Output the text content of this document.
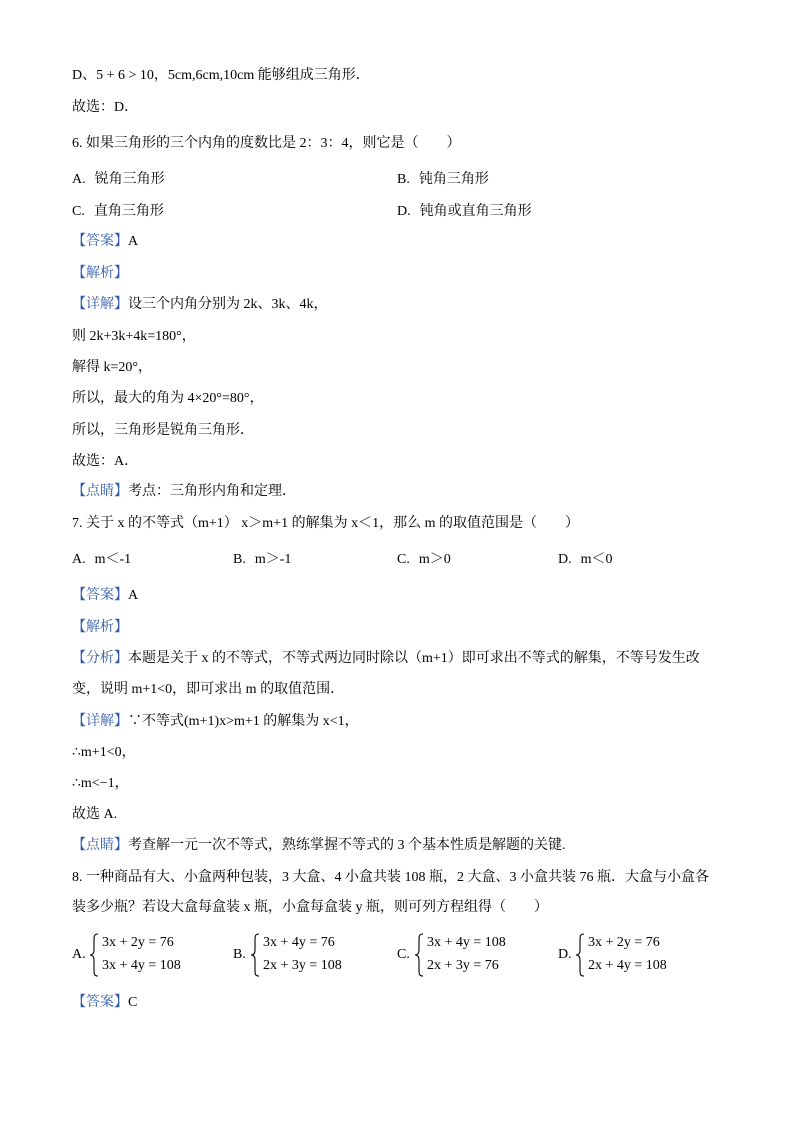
D、5 + 6 > 10，5cm,6cm,10cm 能够组成三角形．
故选：D．
6. 如果三角形的三个内角的度数比是 2：3：4，则它是（　　）
A. 锐角三角形	B. 钝角三角形
C. 直角三角形	D. 钝角或直角三角形
【答案】A
【解析】
【详解】设三个内角分别为 2k、3k、4k，
则 2k+3k+4k=180°，
解得 k=20°，
所以，最大的角为 4×20°=80°，
所以，三角形是锐角三角形．
故选：A．
【点睛】考点：三角形内角和定理．
7. 关于 x 的不等式（m+1） x＞m+1 的解集为 x＜1，那么 m 的取值范围是（　　）
A. m＜-1	B. m＞-1	C. m＞0	D. m＜0
【答案】A
【解析】
【分析】本题是关于 x 的不等式，不等式两边同时除以（m+1）即可求出不等式的解集，不等号发生改
变，说明 m+1<0，即可求出 m 的取值范围．
【详解】∵不等式(m+1)x>m+1 的解集为 x<1，
∴m+1<0，
∴m<−1，
故选 A.
【点睛】考查解一元一次不等式，熟练掌握不等式的 3 个基本性质是解题的关键.
8. 一种商品有大、小盒两种包装，3 大盒、4 小盒共装 108 瓶，2 大盒、3 小盒共装 76 瓶．大盒与小盒各
装多少瓶？若设大盒每盒装 x 瓶，小盒每盒装 y 瓶，则可列方程组得（　　）
A.
3x + 2y = 76
3x + 4y = 108
B.
3x + 4y = 76
2x + 3y = 108
C.
3x + 4y = 108
2x + 3y = 76
D.
3x + 2y = 76
2x + 4y = 108
【答案】C
